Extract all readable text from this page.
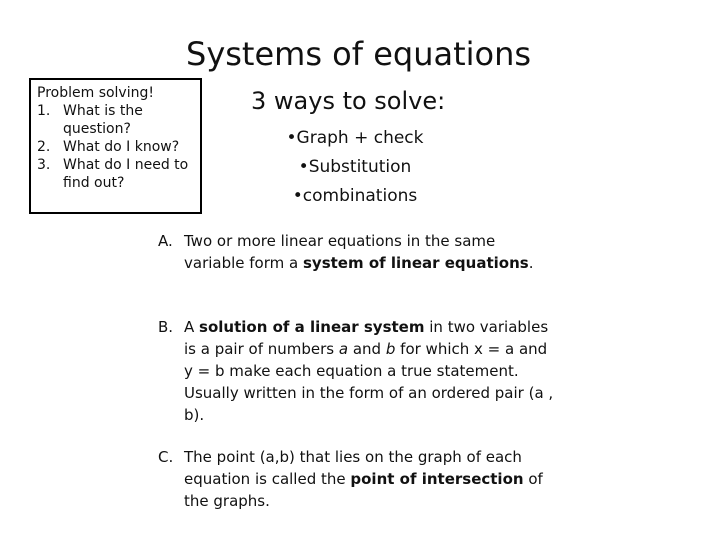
Systems of equations
Problem solving!
1. What is the question?
2. What do I know?
3. What do I need to find out?
3 ways to solve:
•Graph + check
•Substitution
•combinations
A. Two or more linear equations in the same variable form a system of linear equations.
B. A solution of a linear system in two variables is a pair of numbers a and b for which x = a and y = b make each equation a true statement. Usually written in the form of an ordered pair (a , b).
C. The point (a,b) that lies on the graph of each equation is called the point of intersection of the graphs.
